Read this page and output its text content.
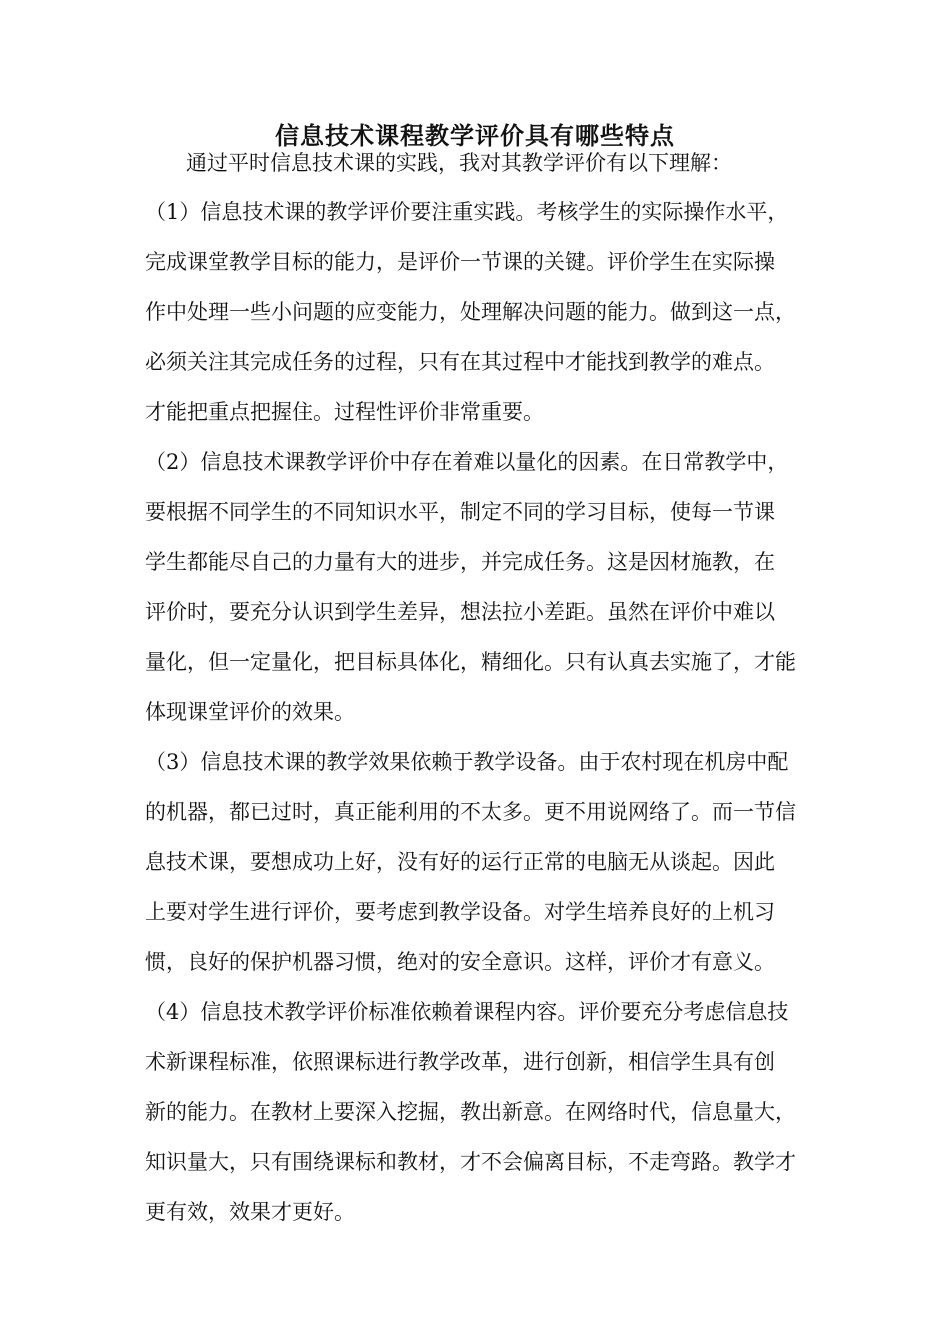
信息技术课程教学评价具有哪些特点
通过平时信息技术课的实践，我对其教学评价有以下理解：
（1）信息技术课的教学评价要注重实践。考核学生的实际操作水平，
完成课堂教学目标的能力，是评价一节课的关键。评价学生在实际操
作中处理一些小问题的应变能力，处理解决问题的能力。做到这一点，
必须关注其完成任务的过程，只有在其过程中才能找到教学的难点。
才能把重点把握住。过程性评价非常重要。
（2）信息技术课教学评价中存在着难以量化的因素。在日常教学中，
要根据不同学生的不同知识水平，制定不同的学习目标，使每一节课
学生都能尽自己的力量有大的进步，并完成任务。这是因材施教，在
评价时，要充分认识到学生差异，想法拉小差距。虽然在评价中难以
量化，但一定量化，把目标具体化，精细化。只有认真去实施了，才能
体现课堂评价的效果。
（3）信息技术课的教学效果依赖于教学设备。由于农村现在机房中配
的机器，都已过时，真正能利用的不太多。更不用说网络了。而一节信
息技术课，要想成功上好，没有好的运行正常的电脑无从谈起。因此
上要对学生进行评价，要考虑到教学设备。对学生培养良好的上机习
惯，良好的保护机器习惯，绝对的安全意识。这样，评价才有意义。
（4）信息技术教学评价标准依赖着课程内容。评价要充分考虑信息技
术新课程标准，依照课标进行教学改革，进行创新，相信学生具有创
新的能力。在教材上要深入挖掘，教出新意。在网络时代，信息量大，
知识量大，只有围绕课标和教材，才不会偏离目标，不走弯路。教学才
更有效，效果才更好。
